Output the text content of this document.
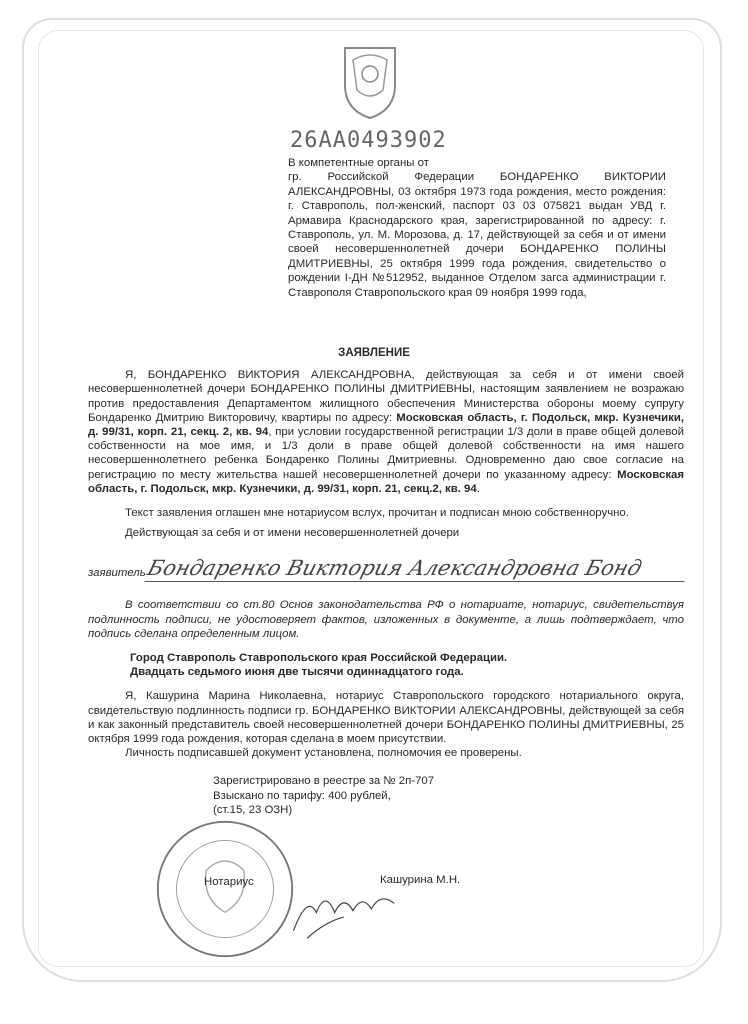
26АА0493902

В компетентные органы от

гр. Российской Федерации БОНДАРЕНКО ВИКТОРИИ АЛЕКСАНДРОВНЫ, 03 октября 1973 года рождения, место рождения: г. Ставрополь, пол-женский, паспорт 03 03 075821 выдан УВД г. Армавира Краснодарского края, зарегистрированной по адресу: г. Ставрополь, ул. М. Морозова, д. 17, действующей за себя и от имени своей несовершеннолетней дочери БОНДАРЕНКО ПОЛИНЫ ДМИТРИЕВНЫ, 25 октября 1999 года рождения, свидетельство о рождении I-ДН №512952, выданное Отделом загса администрации г. Ставрополя Ставропольского края 09 ноября 1999 года,

ЗАЯВЛЕНИЕ
Я, БОНДАРЕНКО ВИКТОРИЯ АЛЕКСАНДРОВНА, действующая за себя и от имени своей несовершеннолетней дочери БОНДАРЕНКО ПОЛИНЫ ДМИТРИЕВНЫ, настоящим заявлением не возражаю против предоставления Департаментом жилищного обеспечения Министерства обороны моему супругу Бондаренко Дмитрию Викторовичу, квартиры по адресу: Московская область, г. Подольск, мкр. Кузнечики, д. 99/31, корп. 21, секц. 2, кв. 94, при условии государственной регистрации 1/3 доли в праве общей долевой собственности на мое имя, и 1/3 доли в праве общей долевой собственности на имя нашего несовершеннолетнего ребенка Бондаренко Полины Дмитриевны. Одновременно даю свое согласие на регистрацию по месту жительства нашей несовершеннолетней дочери по указанному адресу: Московская область, г. Подольск, мкр. Кузнечики, д. 99/31, корп. 21, секц.2, кв. 94.
Текст заявления оглашен мне нотариусом вслух, прочитан и подписан мною собственноручно.
Действующая за себя и от имени несовершеннолетней дочери
заявитель
Бондаренко Виктория Александровна Бонд
В соответствии со ст.80 Основ законодательства РФ о нотариате, нотариус, свидетельствуя подлинность подписи, не удостоверяет фактов, изложенных в документе, а лишь подтверждает, что подпись сделана определенным лицом.
Город Ставрополь Ставропольского края Российской Федерации.
Двадцать седьмого июня две тысячи одиннадцатого года.
Я, Кашурина Марина Николаевна, нотариус Ставропольского городского нотариального округа, свидетельствую подлинность подписи гр. БОНДАРЕНКО ВИКТОРИИ АЛЕКСАНДРОВНЫ, действующей за себя и как законный представитель своей несовершеннолетней дочери БОНДАРЕНКО ПОЛИНЫ ДМИТРИЕВНЫ, 25 октября 1999 года рождения, которая сделана в моем присутствии.
Личность подписавшей документ установлена, полномочия ее проверены.
Зарегистрировано в реестре за № 2п-707
Взыскано по тарифу: 400 рублей,
(ст.15, 23 ОЗН)
Нотариус	Кашурина М.Н.
